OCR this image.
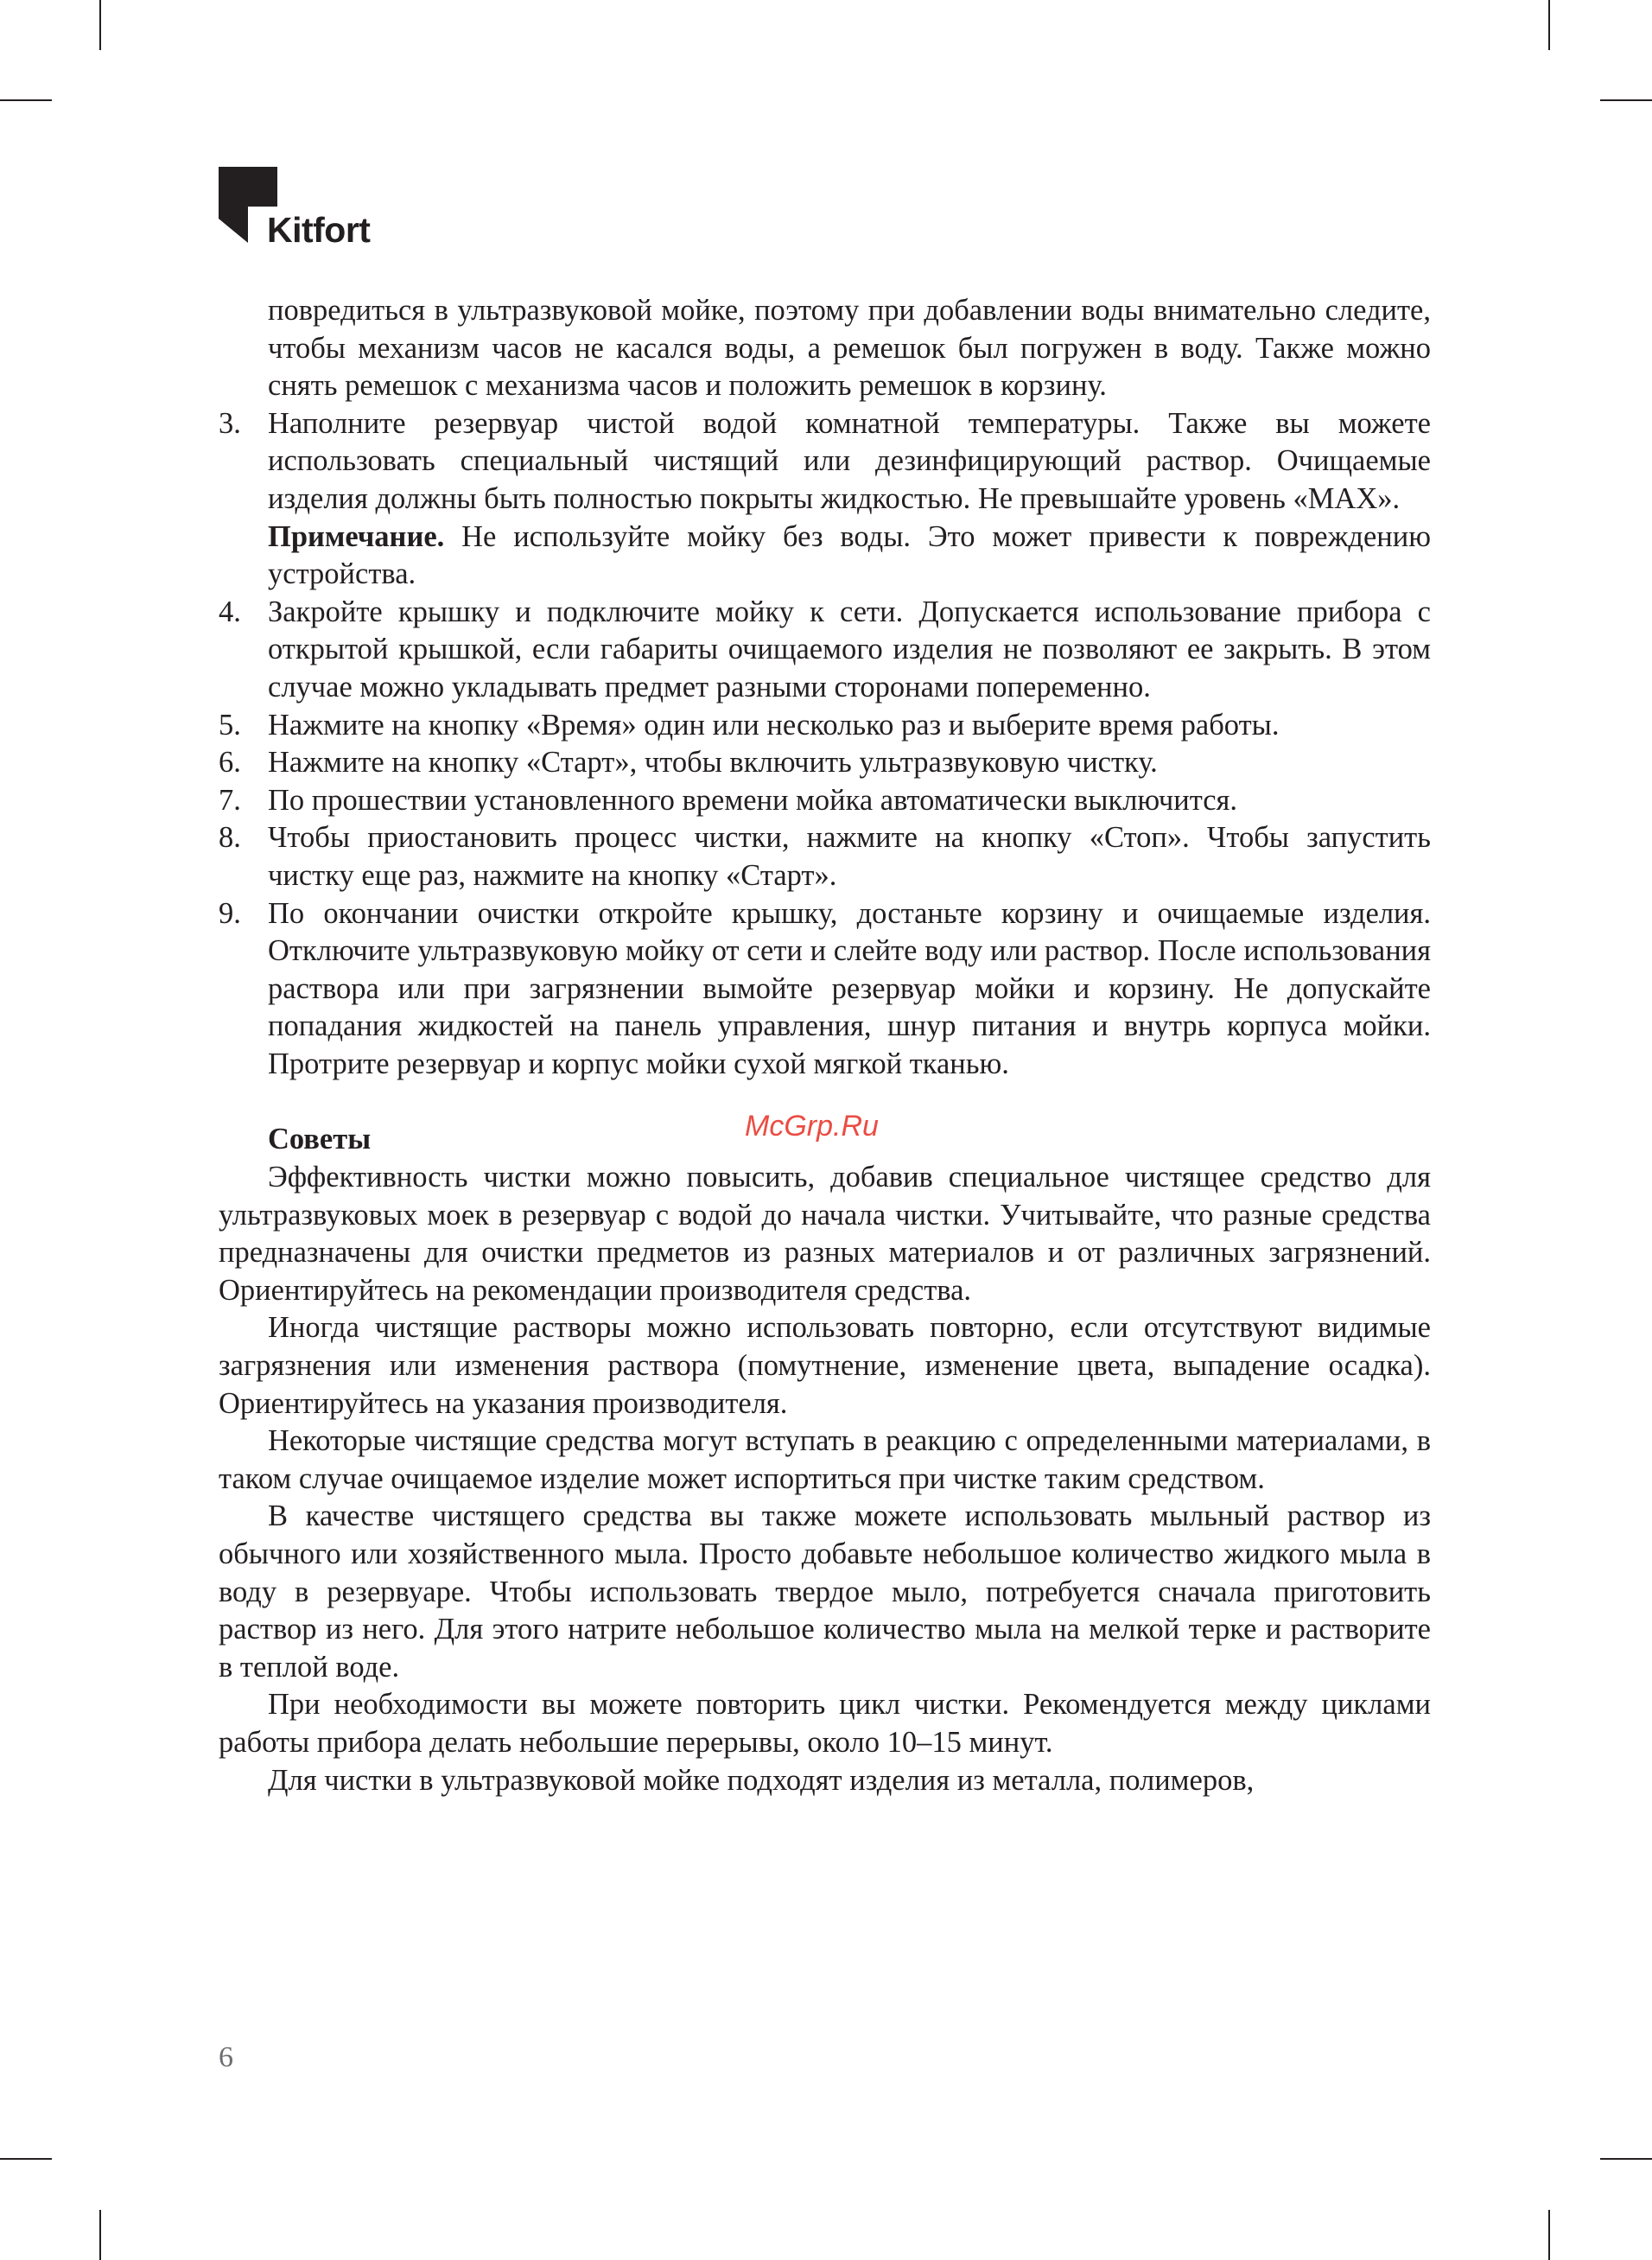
Kitfort

повредиться в ультразвуковой мойке, поэтому при добавлении воды внимательно следите, чтобы механизм часов не касался воды, а ремешок был погружен в воду. Также можно снять ремешок с механизма часов и положить ремешок в корзину.

3. Наполните резервуар чистой водой комнатной температуры. Также вы можете использовать специальный чистящий или дезинфицирующий раствор. Очищаемые изделия должны быть полностью покрыты жидкостью. Не превышайте уровень «MAX».
Примечание. Не используйте мойку без воды. Это может привести к повреждению устройства.
4. Закройте крышку и подключите мойку к сети. Допускается использование прибора с открытой крышкой, если габариты очищаемого изделия не позволяют ее закрыть. В этом случае можно укладывать предмет разными сторонами попеременно.
5. Нажмите на кнопку «Время» один или несколько раз и выберите время работы.
6. Нажмите на кнопку «Старт», чтобы включить ультразвуковую чистку.
7. По прошествии установленного времени мойка автоматически выключится.
8. Чтобы приостановить процесс чистки, нажмите на кнопку «Стоп». Чтобы запустить чистку еще раз, нажмите на кнопку «Старт».
9. По окончании очистки откройте крышку, достаньте корзину и очищаемые изделия. Отключите ультразвуковую мойку от сети и слейте воду или раствор. После использования раствора или при загрязнении вымойте резервуар мойки и корзину. Не допускайте попадания жидкостей на панель управления, шнур питания и внутрь корпуса мойки. Протрите резервуар и корпус мойки сухой мягкой тканью.

Советы

Эффективность чистки можно повысить, добавив специальное чистящее средство для ультразвуковых моек в резервуар с водой до начала чистки. Учитывайте, что разные средства предназначены для очистки предметов из разных материалов и от различных загрязнений. Ориентируйтесь на рекомендации производителя средства.

Иногда чистящие растворы можно использовать повторно, если отсутствуют видимые загрязнения или изменения раствора (помутнение, изменение цвета, выпадение осадка). Ориентируйтесь на указания производителя.

Некоторые чистящие средства могут вступать в реакцию с определенными материалами, в таком случае очищаемое изделие может испортиться при чистке таким средством.

В качестве чистящего средства вы также можете использовать мыльный раствор из обычного или хозяйственного мыла. Просто добавьте небольшое количество жидкого мыла в воду в резервуаре. Чтобы использовать твердое мыло, потребуется сначала приготовить раствор из него. Для этого натрите небольшое количество мыла на мелкой терке и растворите в теплой воде.

При необходимости вы можете повторить цикл чистки. Рекомендуется между циклами работы прибора делать небольшие перерывы, около 10–15 минут.

Для чистки в ультразвуковой мойке подходят изделия из металла, полимеров,

McGrp.Ru
6
